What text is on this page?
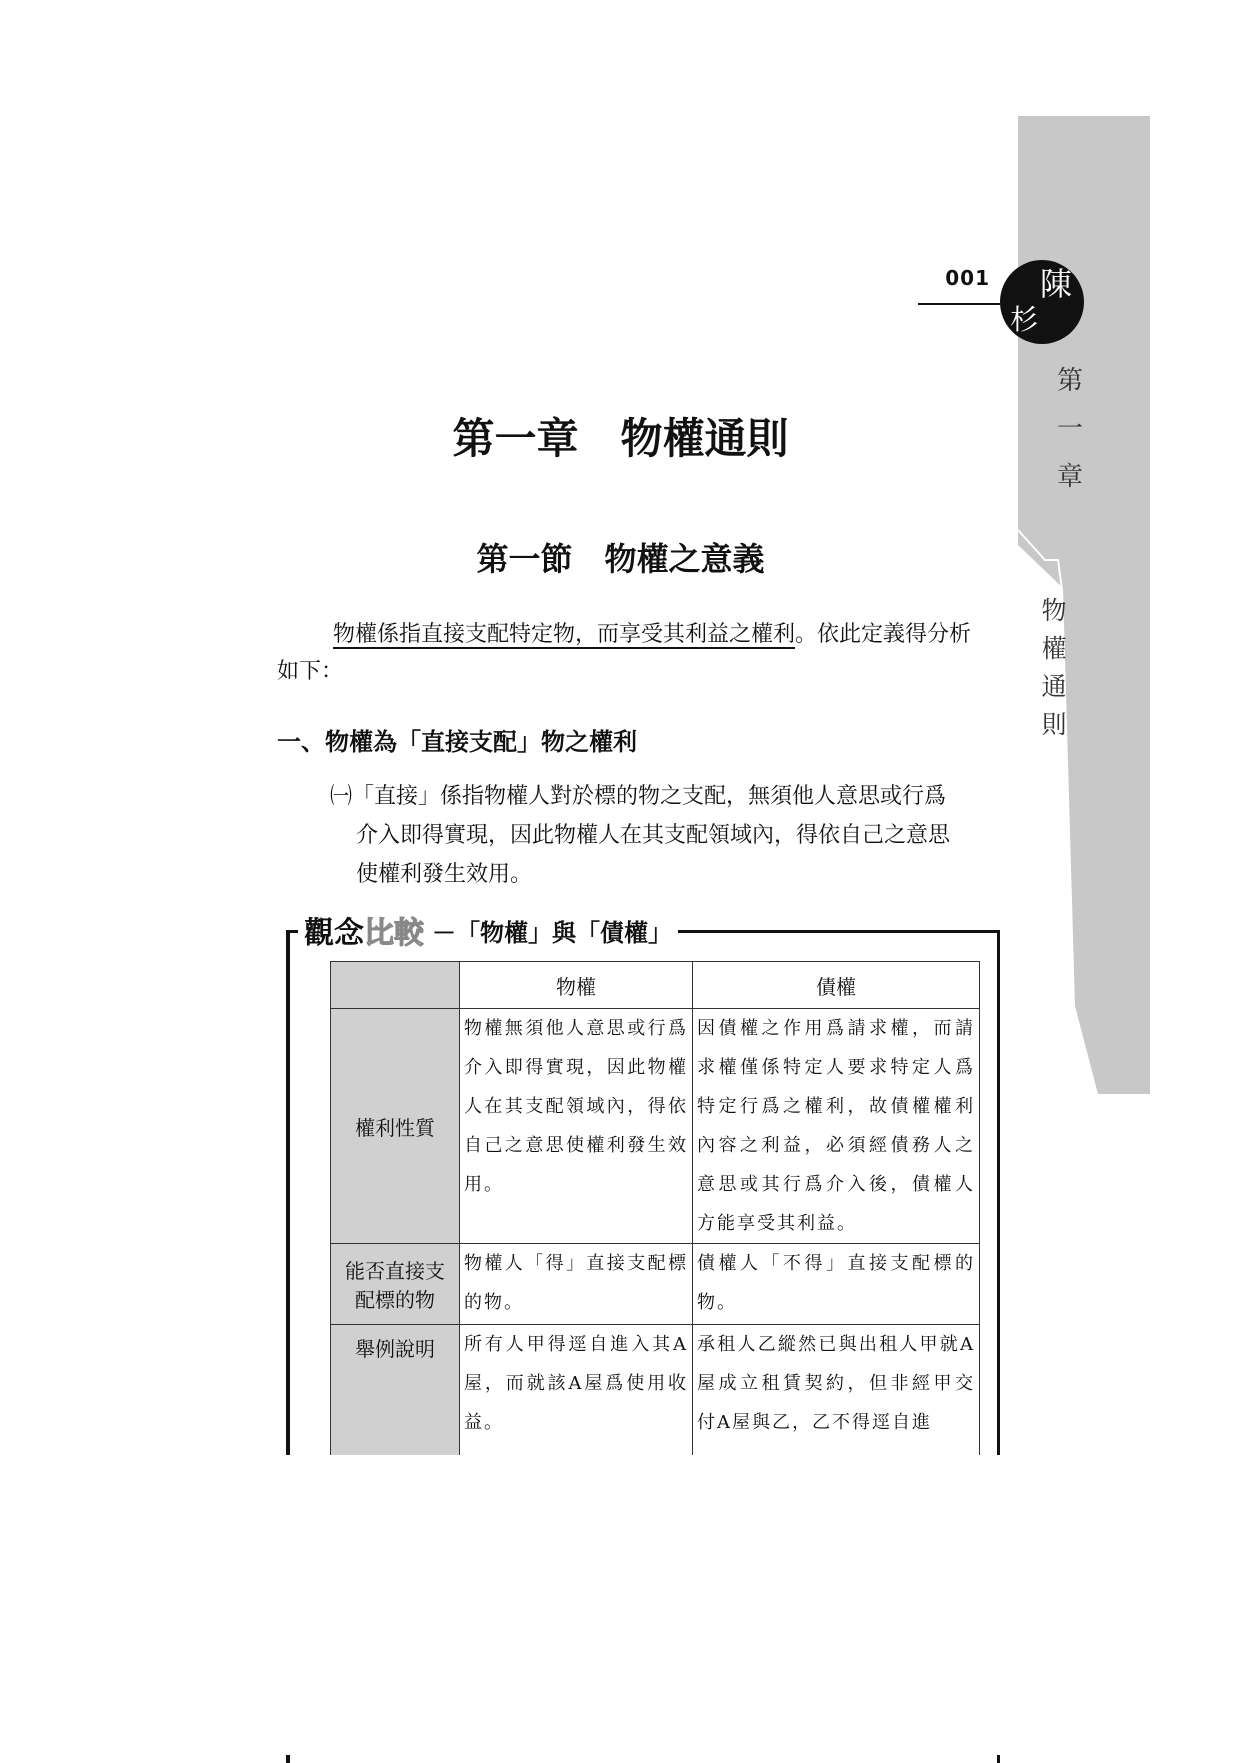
001 陳
杉
第
一
章
物
權
通
則
第一章　物權通則
第一節　物權之意義
物權係指直接支配特定物，而享受其利益之權利。依此定義得分析如下：
一、物權為「直接支配」物之權利
㈠「直接」係指物權人對於標的物之支配，無須他人意思或行爲
介入即得實現，因此物權人在其支配領域內，得依自己之意思
使權利發生效用。
觀念 比較 －「物權」與「債權」
	物權	債權
權利性質	物權無須他人意思或行爲介入即得實現，因此物權人在其支配領域內，得依自己之意思使權利發生效用。	因債權之作用爲請求權，而請求權僅係特定人要求特定人爲特定行爲之權利，故債權權利內容之利益，必須經債務人之意思或其行爲介入後，債權人方能享受其利益。
能否直接支配標的物	物權人「得」直接支配標的物。	債權人「不得」直接支配標的物。
舉例說明	所有人甲得逕自進入其A屋，而就該A屋爲使用收益。	承租人乙縱然已與出租人甲就A屋成立租賃契約，但非經甲交付A屋與乙，乙不得逕自進
